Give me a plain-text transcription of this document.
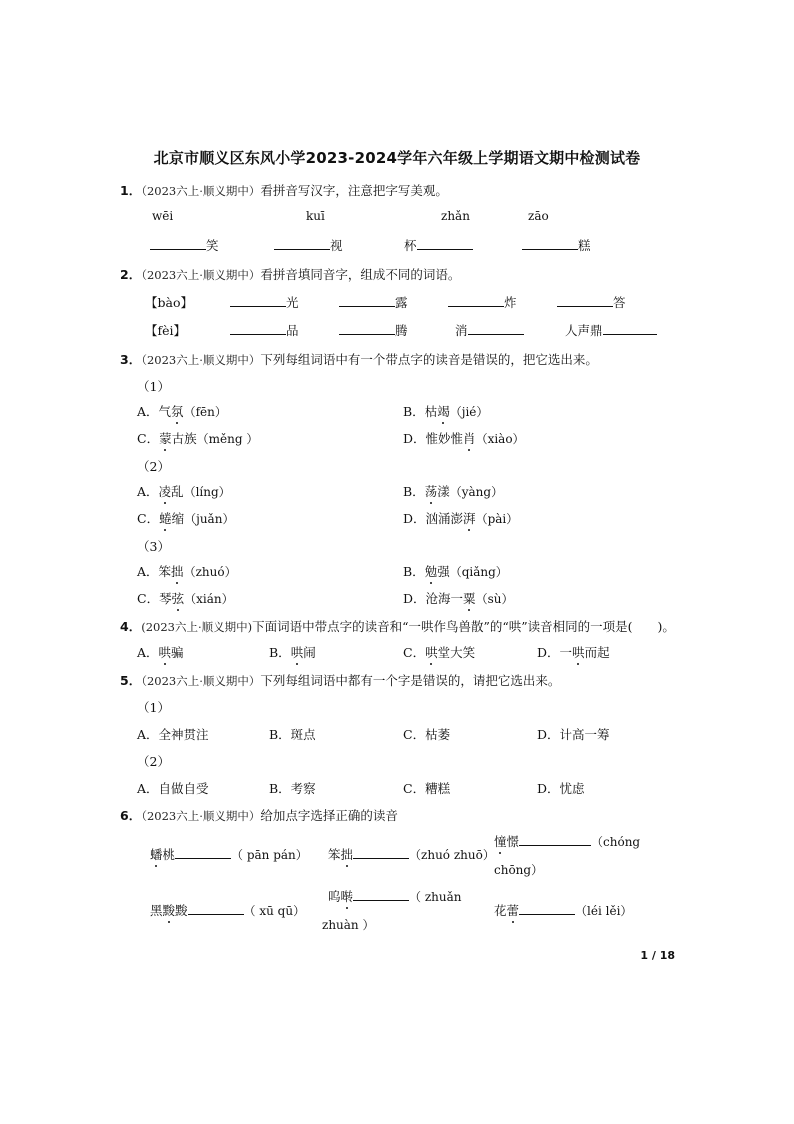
北京市顺义区东风小学2023-2024学年六年级上学期语文期中检测试卷
1．（2023六上·顺义期中）看拼音写汉字，注意把字写美观。
wēi	kuī	zhǎn	zāo
笑	视	杯	糕
2．（2023六上·顺义期中）看拼音填同音字，组成不同的词语。
【bào】	光	露	炸	答
【fèi】	品	腾	消	人声鼎
3．（2023六上·顺义期中）下列每组词语中有一个带点字的读音是错误的，把它选出来。
（1）
A．气氛（fēn）	B．枯竭（jié）
C．蒙古族（měng ）	D．惟妙惟肖（xiào）
（2）
A．凌乱（líng）	B．荡漾（yàng）
C．蜷缩（juǎn）	D．汹涌澎湃（pài）
（3）
A．笨拙（zhuó）	B．勉强（qiǎng）
C．琴弦（xián）	D．沧海一粟（sù）
4．(2023六上·顺义期中)下面词语中带点字的读音和“一哄作鸟兽散”的“哄”读音相同的一项是(　　)。
A．哄骗	B．哄闹	C．哄堂大笑	D．一哄而起
5．（2023六上·顺义期中）下列每组词语中都有一个字是错误的，请把它选出来。
（1）
A．全神贯注	B．斑点	C．枯萎	D．计高一筹
（2）
A．自做自受	B．考察	C．糟糕	D．忧虑
6．（2023六上·顺义期中）给加点字选择正确的读音
蟠桃	（ pān pán） 笨拙	（zhuó zhuō）
憧憬	（chóng
chōng）
黑黢黢	（ xū qū）
呜啭	（ zhuǎn
zhuàn ）
花蕾	（léi lěi）
1 / 18
